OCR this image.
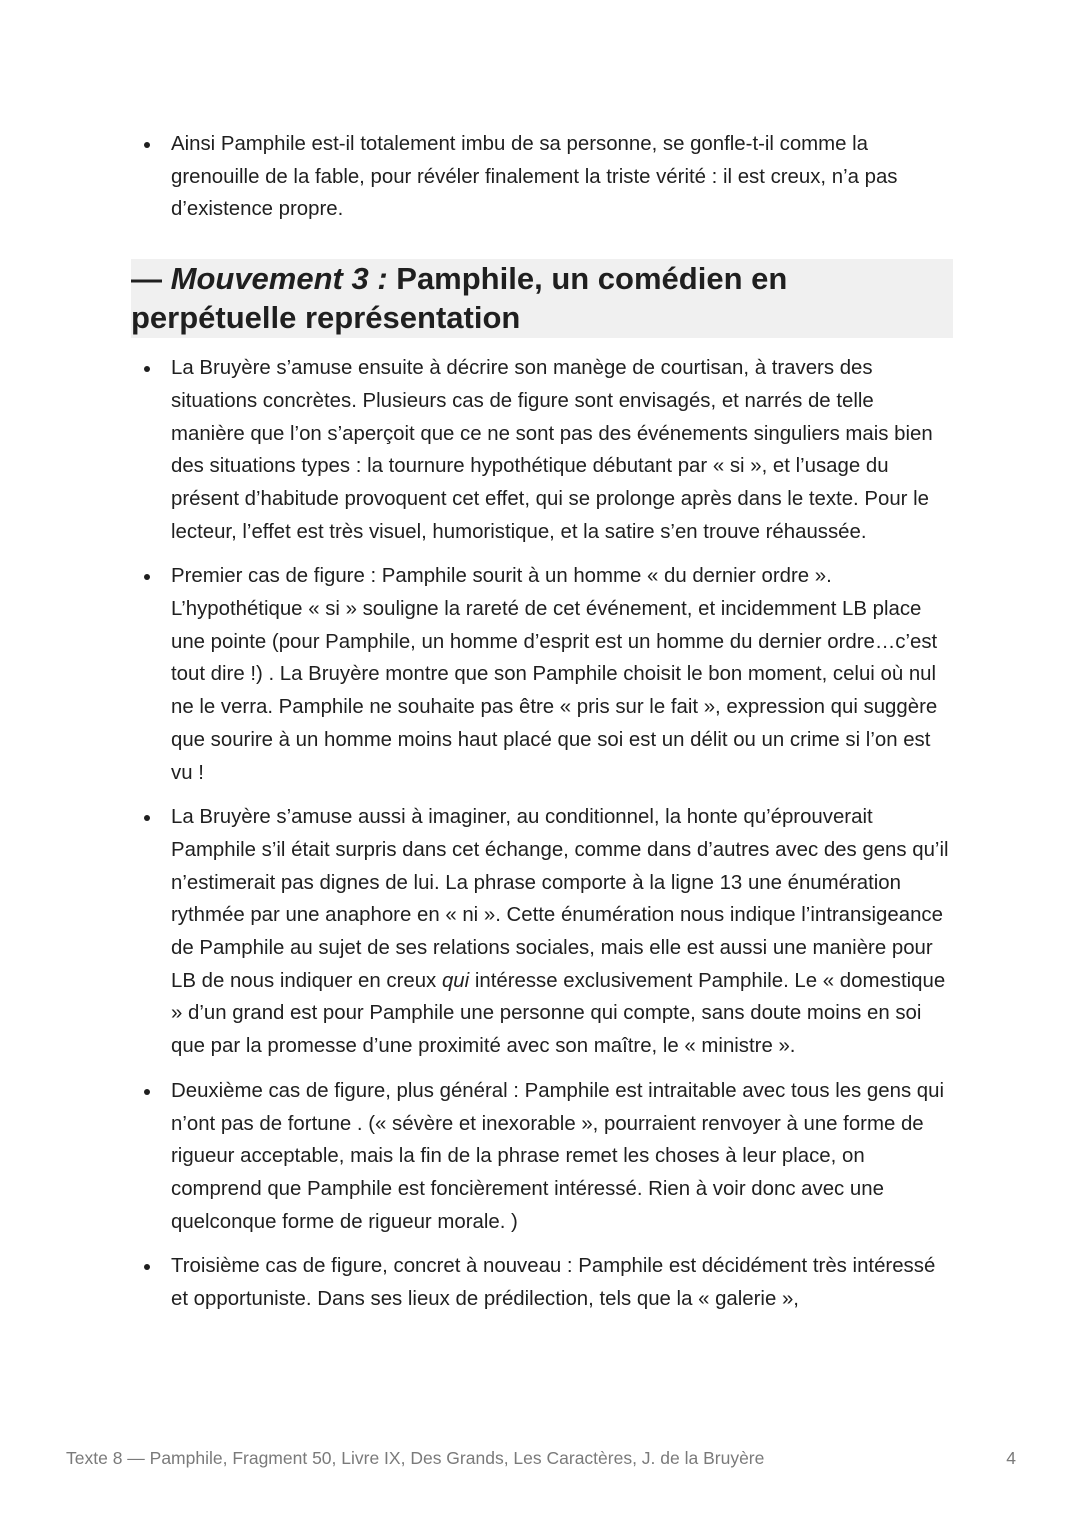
Ainsi Pamphile est-il totalement imbu de sa personne, se gonfle-t-il comme la grenouille de la fable, pour révéler finalement la triste vérité : il est creux, n’a pas d’existence propre.
— Mouvement 3 : Pamphile, un comédien en perpétuelle représentation
La Bruyère s’amuse ensuite à décrire son manège de courtisan, à travers des situations concrètes. Plusieurs cas de figure sont envisagés, et narrés de telle manière que l’on s’aperçoit que ce ne sont pas des événements singuliers mais bien des situations types : la tournure hypothétique débutant par « si », et l’usage du présent d’habitude provoquent cet effet, qui se prolonge après dans le texte. Pour le lecteur, l’effet est très visuel, humoristique, et la satire s’en trouve réhaussée.
Premier cas de figure : Pamphile sourit à un homme « du dernier ordre ». L’hypothétique « si » souligne la rareté de cet événement, et incidemment LB place une pointe (pour Pamphile, un homme d’esprit est un homme du dernier ordre…c’est tout dire !) . La Bruyère montre que son Pamphile choisit le bon moment, celui où nul ne le verra. Pamphile ne souhaite pas être « pris sur le fait », expression qui suggère que sourire à un homme moins haut placé que soi est un délit ou un crime si l’on est vu !
La Bruyère s’amuse aussi à imaginer, au conditionnel, la honte qu’éprouverait Pamphile s’il était surpris dans cet échange, comme dans d’autres avec des gens qu’il n’estimerait pas dignes de lui. La phrase comporte à la ligne 13 une énumération rythmée par une anaphore en « ni ». Cette énumération nous indique l’intransigeance de Pamphile au sujet de ses relations sociales, mais elle est aussi une manière pour LB de nous indiquer en creux qui intéresse exclusivement Pamphile. Le « domestique » d’un grand est pour Pamphile une personne qui compte, sans doute moins en soi que par la promesse d’une proximité avec son maître, le « ministre ».
Deuxième cas de figure, plus général : Pamphile est intraitable avec tous les gens qui n’ont pas de fortune . (« sévère et inexorable », pourraient renvoyer à une forme de rigueur acceptable, mais la fin de la phrase remet les choses à leur place, on comprend que Pamphile est foncièrement intéressé. Rien à voir donc avec une quelconque forme de rigueur morale. )
Troisième cas de figure, concret à nouveau : Pamphile est décidément très intéressé et opportuniste. Dans ses lieux de prédilection, tels que la « galerie »,
Texte 8 — Pamphile, Fragment 50, Livre IX, Des Grands, Les Caractères, J. de la Bruyère	4
